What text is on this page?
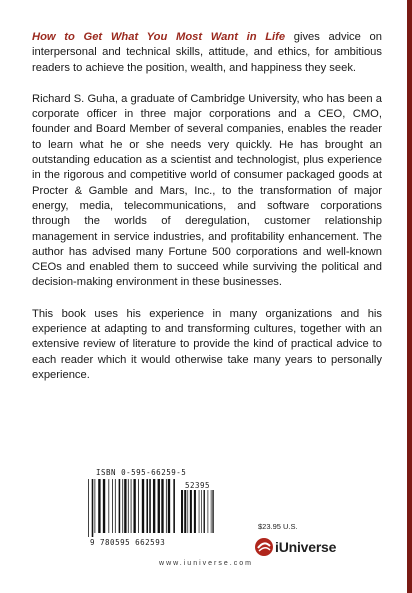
How to Get What You Most Want in Life gives advice on interpersonal and technical skills, attitude, and ethics, for ambitious readers to achieve the position, wealth, and happiness they seek.

Richard S. Guha, a graduate of Cambridge University, who has been a corporate officer in three major corporations and a CEO, CMO, founder and Board Member of several companies, enables the reader to learn what he or she needs very quickly. He has brought an outstanding education as a scientist and technologist, plus experience in the rigorous and competitive world of consumer packaged goods at Procter & Gamble and Mars, Inc., to the transformation of major energy, media, telecommunications, and software corporations through the worlds of deregulation, customer relationship management in service industries, and profitability enhancement. The author has advised many Fortune 500 corporations and well-known CEOs and enabled them to succeed while surviving the political and decision-making environment in these businesses.

This book uses his experience in many organizations and his experience at adapting to and transforming cultures, together with an extensive review of literature to provide the kind of practical advice to each reader which it would otherwise take many years to personally experience.

ISBN 0-595-66259-5
52395
9 780595 662593
$23.95 U.S.
iUniverse
www.iuniverse.com
